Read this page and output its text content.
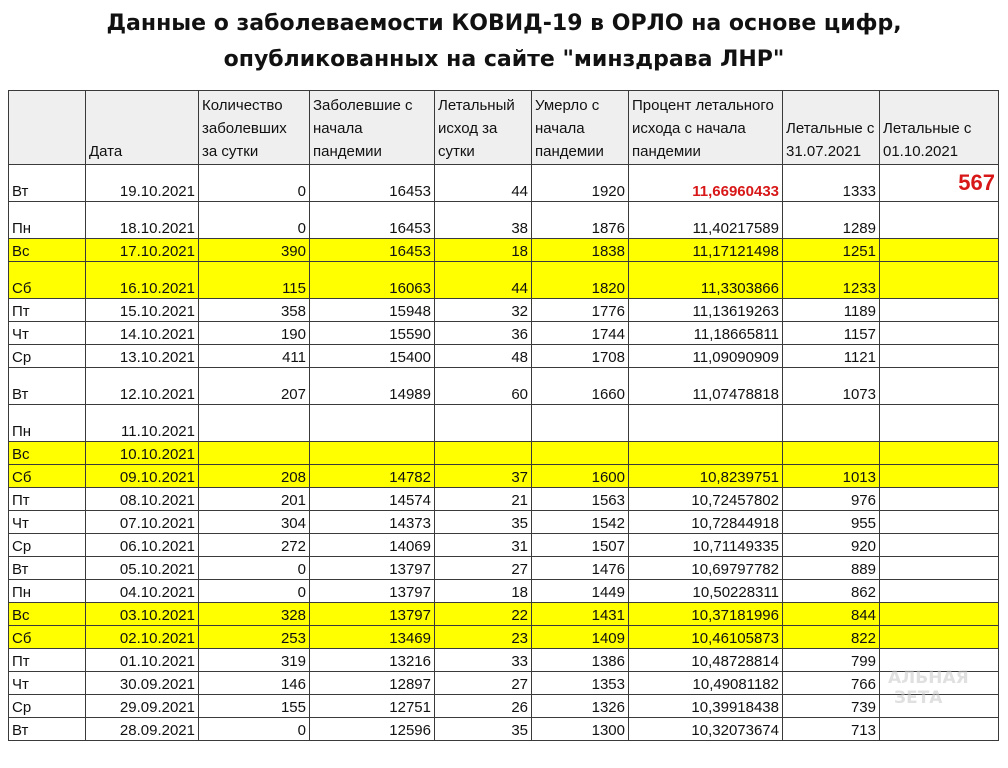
Данные о заболеваемости КОВИД-19 в ОРЛО на основе цифр,
опубликованных на сайте "минздрава ЛНР"
	Дата	Количество заболевших за сутки	Заболевшие с начала пандемии	Летальный исход за сутки	Умерло с начала пандемии	Процент летального исхода с начала пандемии	Летальные с 31.07.2021	Летальные с 01.10.2021
Вт	19.10.2021	0	16453	44	1920	11,66960433	1333	567
Пн	18.10.2021	0	16453	38	1876	11,40217589	1289	
Вс	17.10.2021	390	16453	18	1838	11,17121498	1251	
Сб	16.10.2021	115	16063	44	1820	11,3303866	1233	
Пт	15.10.2021	358	15948	32	1776	11,13619263	1189	
Чт	14.10.2021	190	15590	36	1744	11,18665811	1157	
Ср	13.10.2021	411	15400	48	1708	11,09090909	1121	
Вт	12.10.2021	207	14989	60	1660	11,07478818	1073	
Пн	11.10.2021							
Вс	10.10.2021							
Сб	09.10.2021	208	14782	37	1600	10,8239751	1013	
Пт	08.10.2021	201	14574	21	1563	10,72457802	976	
Чт	07.10.2021	304	14373	35	1542	10,72844918	955	
Ср	06.10.2021	272	14069	31	1507	10,71149335	920	
Вт	05.10.2021	0	13797	27	1476	10,69797782	889	
Пн	04.10.2021	0	13797	18	1449	10,50228311	862	
Вс	03.10.2021	328	13797	22	1431	10,37181996	844	
Сб	02.10.2021	253	13469	23	1409	10,46105873	822	
Пт	01.10.2021	319	13216	33	1386	10,48728814	799	
Чт	30.09.2021	146	12897	27	1353	10,49081182	766	
Ср	29.09.2021	155	12751	26	1326	10,39918438	739	
Вт	28.09.2021	0	12596	35	1300	10,32073674	713	
АЛЬНАЯ
ЗЕТА
